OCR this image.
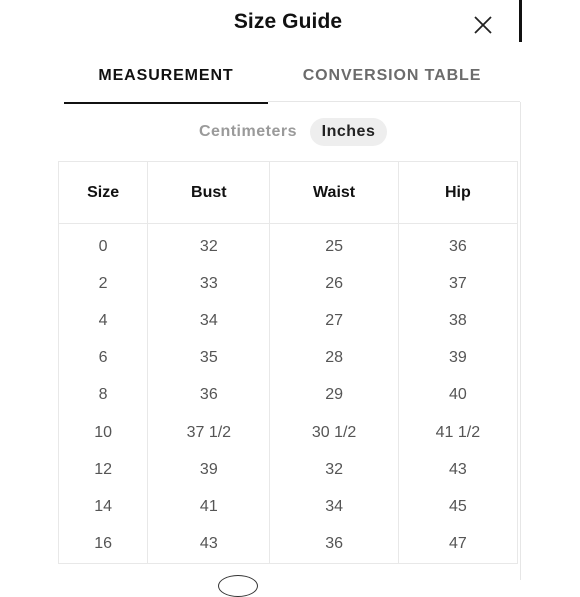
Size Guide
MEASUREMENT	CONVERSION TABLE
Centimeters	Inches
Size	Bust	Waist	Hip
0	32	25	36
2	33	26	37
4	34	27	38
6	35	28	39
8	36	29	40
10	37 1/2	30 1/2	41 1/2
12	39	32	43
14	41	34	45
16	43	36	47
